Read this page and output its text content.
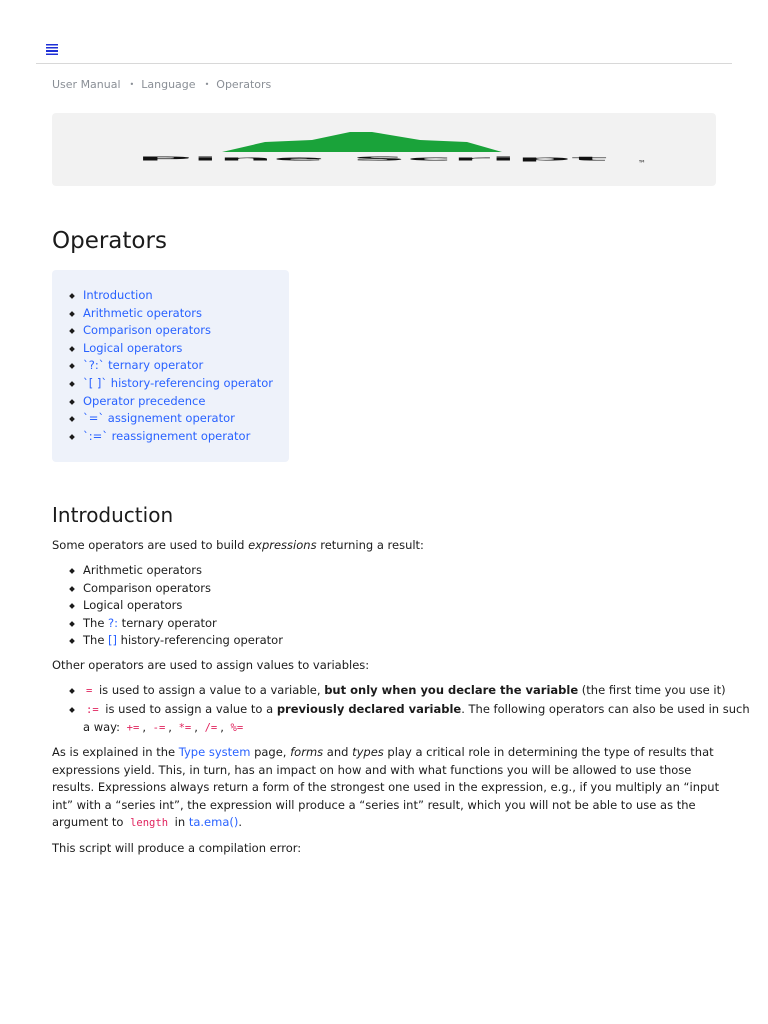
User Manual • Language • Operators
Pine Script
™
Operators
Introduction
Arithmetic operators
Comparison operators
Logical operators
`?:` ternary operator
`[ ]` history-referencing operator
Operator precedence
`=` assignement operator
`:=` reassignement operator
Introduction

Some operators are used to build expressions returning a result:

Arithmetic operators
Comparison operators
Logical operators
The ?: ternary operator
The [] history-referencing operator

Other operators are used to assign values to variables:

= is used to assign a value to a variable, but only when you declare the variable (the first time you use it)
:= is used to assign a value to a previously declared variable. The following operators can also be used in such a way: += , -= , *= , /= , %=

As is explained in the Type system page, forms and types play a critical role in determining the type of results that expressions yield. This, in turn, has an impact on how and with what functions you will be allowed to use those results. Expressions always return a form of the strongest one used in the expression, e.g., if you multiply an “input int” with a “series int”, the expression will produce a “series int” result, which you will not be able to use as the argument to length in ta.ema().

This script will produce a compilation error:
